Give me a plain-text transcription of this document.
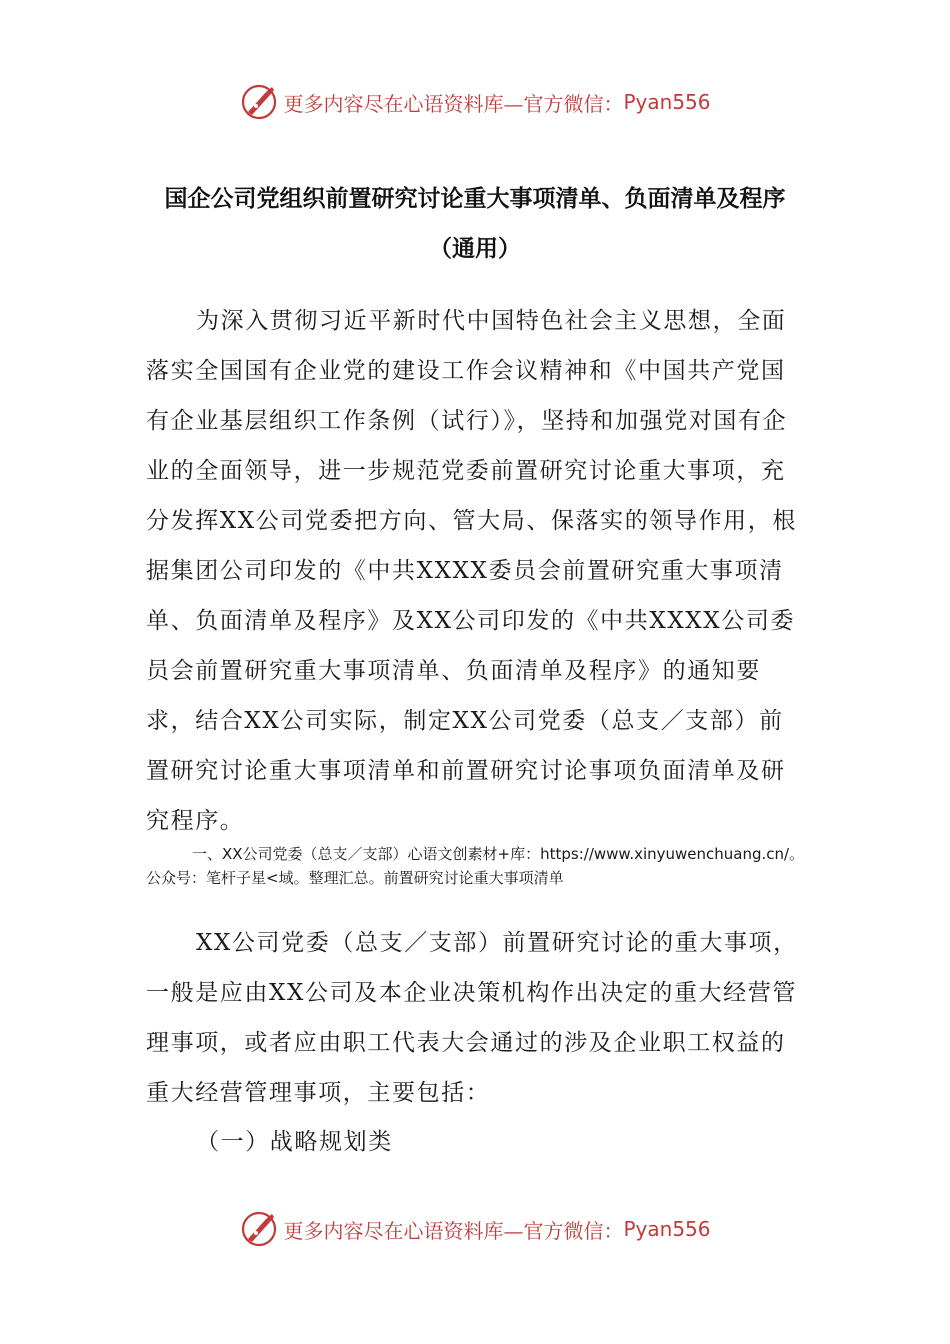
更多内容尽在心语资料库—官方微信： Pyan556
国企公司党组织前置研究讨论重大事项清单、负面清单及程序（通用）
为深入贯彻习近平新时代中国特色社会主义思想，全面落实全国国有企业党的建设工作会议精神和《中国共产党国有企业基层组织工作条例（试行）》，坚持和加强党对国有企业的全面领导，进一步规范党委前置研究讨论重大事项，充分发挥XX公司党委把方向、管大局、保落实的领导作用，根据集团公司印发的《中共XXXX委员会前置研究重大事项清单、负面清单及程序》及XX公司印发的《中共XXXX公司委员会前置研究重大事项清单、负面清单及程序》的通知要求，结合XX公司实际，制定XX公司党委（总支／支部）前置研究讨论重大事项清单和前置研究讨论事项负面清单及研究程序。
一、XX公司党委（总支／支部）心语文创素材+库：https://www.xinyuwenchuang.cn/。公众号：笔杆子星<域。整理汇总。前置研究讨论重大事项清单
XX公司党委（总支／支部）前置研究讨论的重大事项，一般是应由XX公司及本企业决策机构作出决定的重大经营管理事项，或者应由职工代表大会通过的涉及企业职工权益的重大经营管理事项，主要包括：
（一）战略规划类
更多内容尽在心语资料库—官方微信： Pyan556
